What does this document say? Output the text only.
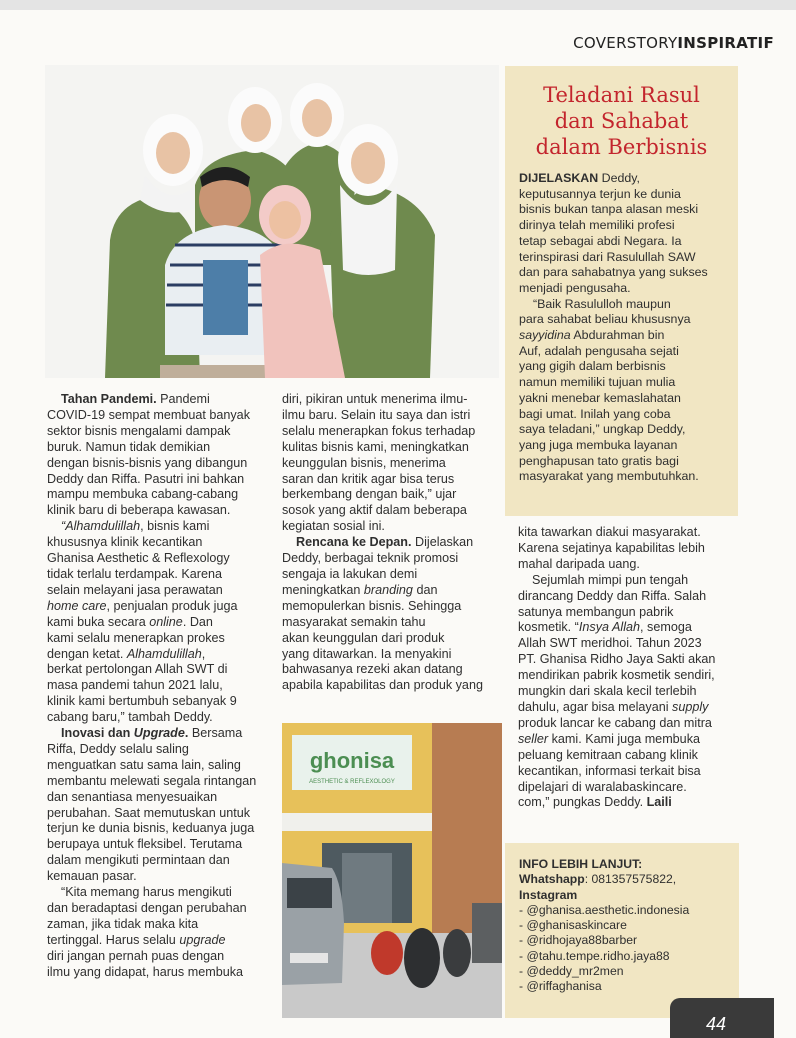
COVERSTORYINSPIRATIF
Teladani Rasul
dan Sahabat
dalam Berbisnis
DIJELASKAN Deddy,
keputusannya terjun ke dunia
bisnis bukan tanpa alasan meski
dirinya telah memiliki profesi
tetap sebagai abdi Negara. Ia
terinspirasi dari Rasulullah SAW
dan para sahabatnya yang sukses
menjadi pengusaha.
“Baik Rasululloh maupun
para sahabat beliau khususnya
sayyidina Abdurahman bin
Auf, adalah pengusaha sejati
yang gigih dalam berbisnis
namun memiliki tujuan mulia
yakni menebar kemaslahatan
bagi umat. Inilah yang coba
saya teladani,” ungkap Deddy,
yang juga membuka layanan
penghapusan tato gratis bagi
masyarakat yang membutuhkan.
Tahan Pandemi. Pandemi
COVID-19 sempat membuat banyak
sektor bisnis mengalami dampak
buruk. Namun tidak demikian
dengan bisnis-bisnis yang dibangun
Deddy dan Riffa. Pasutri ini bahkan
mampu membuka cabang-cabang
klinik baru di beberapa kawasan.
“Alhamdulillah, bisnis kami
khususnya klinik kecantikan
Ghanisa Aesthetic & Reflexology
tidak terlalu terdampak. Karena
selain melayani jasa perawatan
home care, penjualan produk juga
kami buka secara online. Dan
kami selalu menerapkan prokes
dengan ketat. Alhamdulillah,
berkat pertolongan Allah SWT di
masa pandemi tahun 2021 lalu,
klinik kami bertumbuh sebanyak 9
cabang baru,” tambah Deddy.
Inovasi dan Upgrade. Bersama
Riffa, Deddy selalu saling
menguatkan satu sama lain, saling
membantu melewati segala rintangan
dan senantiasa menyesuaikan
perubahan. Saat memutuskan untuk
terjun ke dunia bisnis, keduanya juga
berupaya untuk fleksibel. Terutama
dalam mengikuti permintaan dan
kemauan pasar.
“Kita memang harus mengikuti
dan beradaptasi dengan perubahan
zaman, jika tidak maka kita
tertinggal. Harus selalu upgrade
diri jangan pernah puas dengan
ilmu yang didapat, harus membuka
diri, pikiran untuk menerima ilmu-
ilmu baru. Selain itu saya dan istri
selalu menerapkan fokus terhadap
kulitas bisnis kami, meningkatkan
keunggulan bisnis, menerima
saran dan kritik agar bisa terus
berkembang dengan baik,” ujar
sosok yang aktif dalam beberapa
kegiatan sosial ini.
Rencana ke Depan. Dijelaskan
Deddy, berbagai teknik promosi
sengaja ia lakukan demi
meningkatkan branding dan
memopulerkan bisnis. Sehingga
masyarakat semakin tahu
akan keunggulan dari produk
yang ditawarkan. Ia menyakini
bahwasanya rezeki akan datang
apabila kapabilitas dan produk yang
kita tawarkan diakui masyarakat.
Karena sejatinya kapabilitas lebih
mahal daripada uang.
Sejumlah mimpi pun tengah
dirancang Deddy dan Riffa. Salah
satunya membangun pabrik
kosmetik. “Insya Allah, semoga
Allah SWT meridhoi. Tahun 2023
PT. Ghanisa Ridho Jaya Sakti akan
mendirikan pabrik kosmetik sendiri,
mungkin dari skala kecil terlebih
dahulu, agar bisa melayani supply
produk lancar ke cabang dan mitra
seller kami. Kami juga membuka
peluang kemitraan cabang klinik
kecantikan, informasi terkait bisa
dipelajari di waralabaskincare.
com,” pungkas Deddy. Laili
ghonisa
AESTHETIC & REFLEXOLOGY
INFO LEBIH LANJUT:
Whatshapp: 081357575822,
Instagram
- @ghanisa.aesthetic.indonesia
- @ghanisaskincare
- @ridhojaya88barber
- @tahu.tempe.ridho.jaya88
- @deddy_mr2men
- @riffaghanisa
44
